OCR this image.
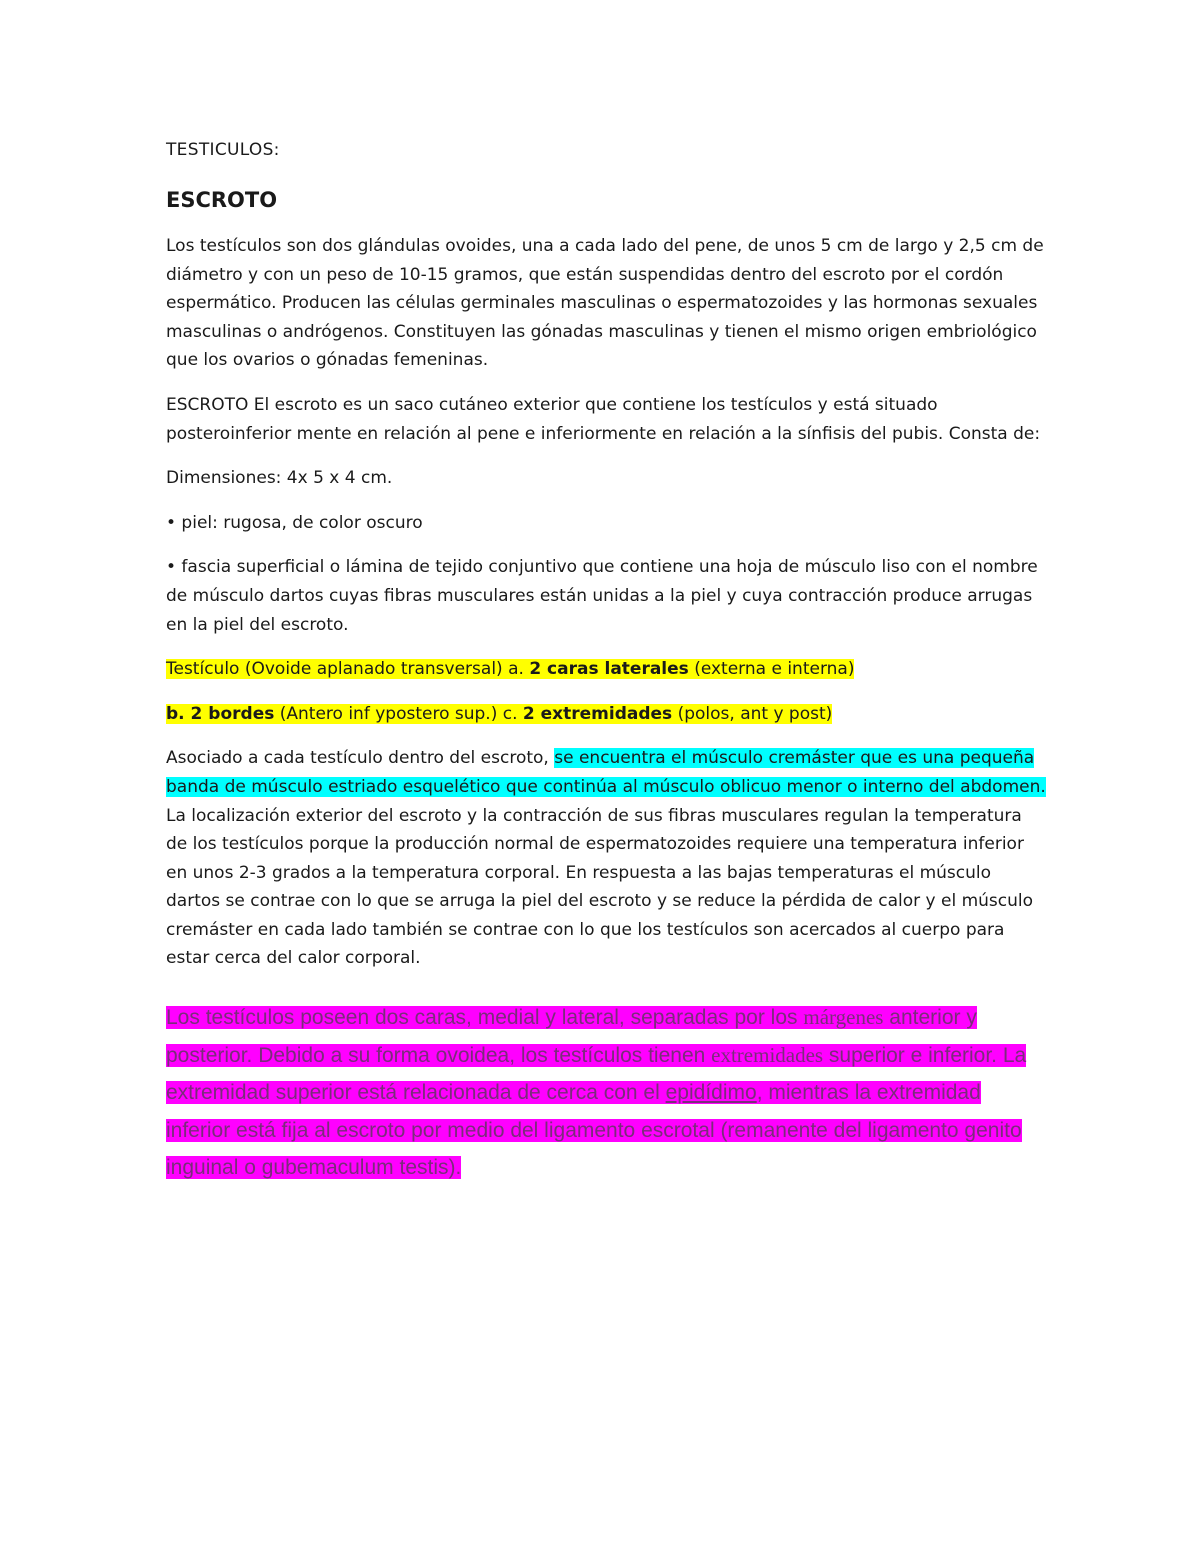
TESTICULOS:
ESCROTO

Los testículos son dos glándulas ovoides, una a cada lado del pene, de unos 5 cm de largo y 2,5 cm de diámetro y con un peso de 10-15 gramos, que están suspendidas dentro del escroto por el cordón espermático. Producen las células germinales masculinas o espermatozoides y las hormonas sexuales masculinas o andrógenos. Constituyen las gónadas masculinas y tienen el mismo origen embriológico que los ovarios o gónadas femeninas.

ESCROTO El escroto es un saco cutáneo exterior que contiene los testículos y está situado posteroinferior mente en relación al pene e inferiormente en relación a la sínfisis del pubis. Consta de:

Dimensiones: 4x 5 x 4 cm.

• piel: rugosa, de color oscuro

• fascia superficial o lámina de tejido conjuntivo que contiene una hoja de músculo liso con el nombre de músculo dartos cuyas fibras musculares están unidas a la piel y cuya contracción produce arrugas en la piel del escroto.

Testículo (Ovoide aplanado transversal) a. 2 caras laterales (externa e interna)

b. 2 bordes (Antero inf ypostero sup.) c. 2 extremidades (polos, ant y post)

Asociado a cada testículo dentro del escroto, se encuentra el músculo cremáster que es una pequeña banda de músculo estriado esquelético que continúa al músculo oblicuo menor o interno del abdomen. La localización exterior del escroto y la contracción de sus fibras musculares regulan la temperatura de los testículos porque la producción normal de espermatozoides requiere una temperatura inferior en unos 2-3 grados a la temperatura corporal. En respuesta a las bajas temperaturas el músculo dartos se contrae con lo que se arruga la piel del escroto y se reduce la pérdida de calor y el músculo cremáster en cada lado también se contrae con lo que los testículos son acercados al cuerpo para estar cerca del calor corporal.

Los testículos poseen dos caras, medial y lateral, separadas por los márgenes anterior y posterior. Debido a su forma ovoidea, los testículos tienen extremidades superior e inferior. La extremidad superior está relacionada de cerca con el epidídimo, mientras la extremidad inferior está fija al escroto por medio del ligamento escrotal (remanente del ligamento genito inguinal o gubemaculum testis).
